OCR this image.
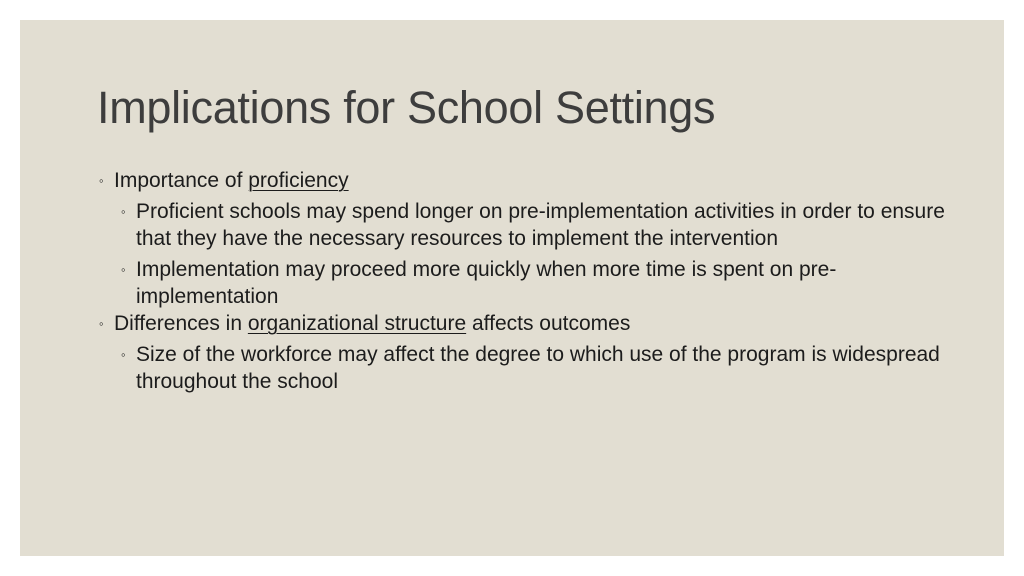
Implications for School Settings
◦ Importance of proficiency
◦ Proficient schools may spend longer on pre-implementation activities in order to ensure that they have the necessary resources to implement the intervention
◦ Implementation may proceed more quickly when more time is spent on pre-implementation
◦ Differences in organizational structure affects outcomes
◦ Size of the workforce may affect the degree to which use of the program is widespread throughout the school
